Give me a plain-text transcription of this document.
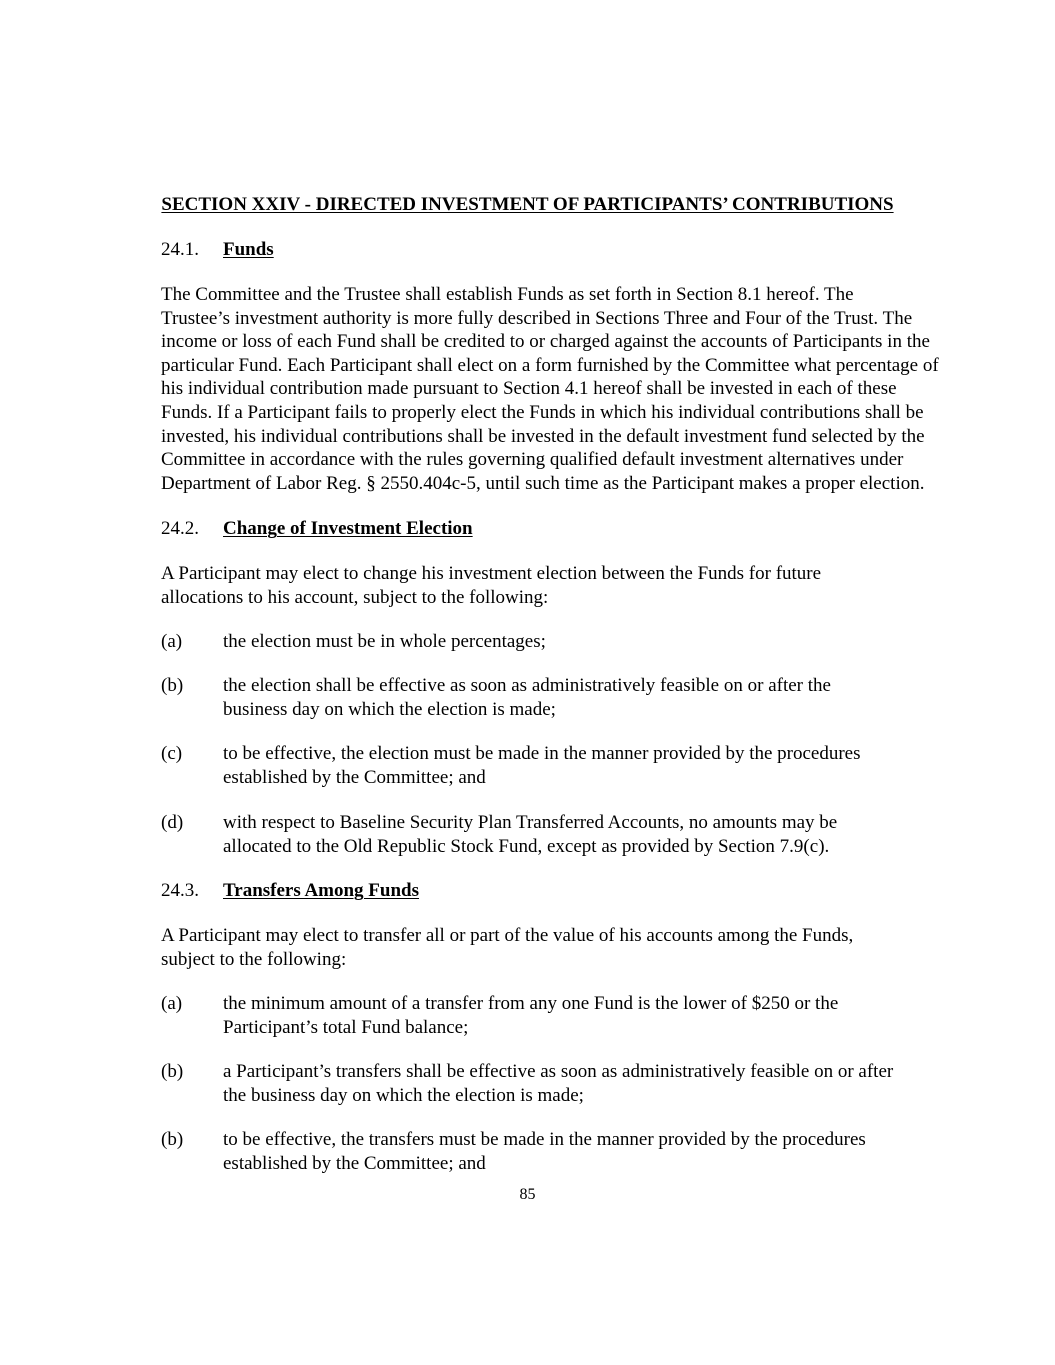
SECTION XXIV - DIRECTED INVESTMENT OF PARTICIPANTS’ CONTRIBUTIONS
24.1. Funds

The Committee and the Trustee shall establish Funds as set forth in Section 8.1 hereof. The
Trustee’s investment authority is more fully described in Sections Three and Four of the Trust. The
income or loss of each Fund shall be credited to or charged against the accounts of Participants in the
particular Fund. Each Participant shall elect on a form furnished by the Committee what percentage of
his individual contribution made pursuant to Section 4.1 hereof shall be invested in each of these
Funds. If a Participant fails to properly elect the Funds in which his individual contributions shall be
invested, his individual contributions shall be invested in the default investment fund selected by the
Committee in accordance with the rules governing qualified default investment alternatives under
Department of Labor Reg. § 2550.404c-5, until such time as the Participant makes a proper election.

24.2. Change of Investment Election

A Participant may elect to change his investment election between the Funds for future
allocations to his account, subject to the following:

(a) the election must be in whole percentages;
(b) the election shall be effective as soon as administratively feasible on or after the
business day on which the election is made;
(c) to be effective, the election must be made in the manner provided by the procedures
established by the Committee; and
(d) with respect to Baseline Security Plan Transferred Accounts, no amounts may be
allocated to the Old Republic Stock Fund, except as provided by Section 7.9(c).
24.3. Transfers Among Funds

A Participant may elect to transfer all or part of the value of his accounts among the Funds,
subject to the following:

(a) the minimum amount of a transfer from any one Fund is the lower of $250 or the
Participant’s total Fund balance;
(b) a Participant’s transfers shall be effective as soon as administratively feasible on or after
the business day on which the election is made;
(b) to be effective, the transfers must be made in the manner provided by the procedures
established by the Committee; and
85
